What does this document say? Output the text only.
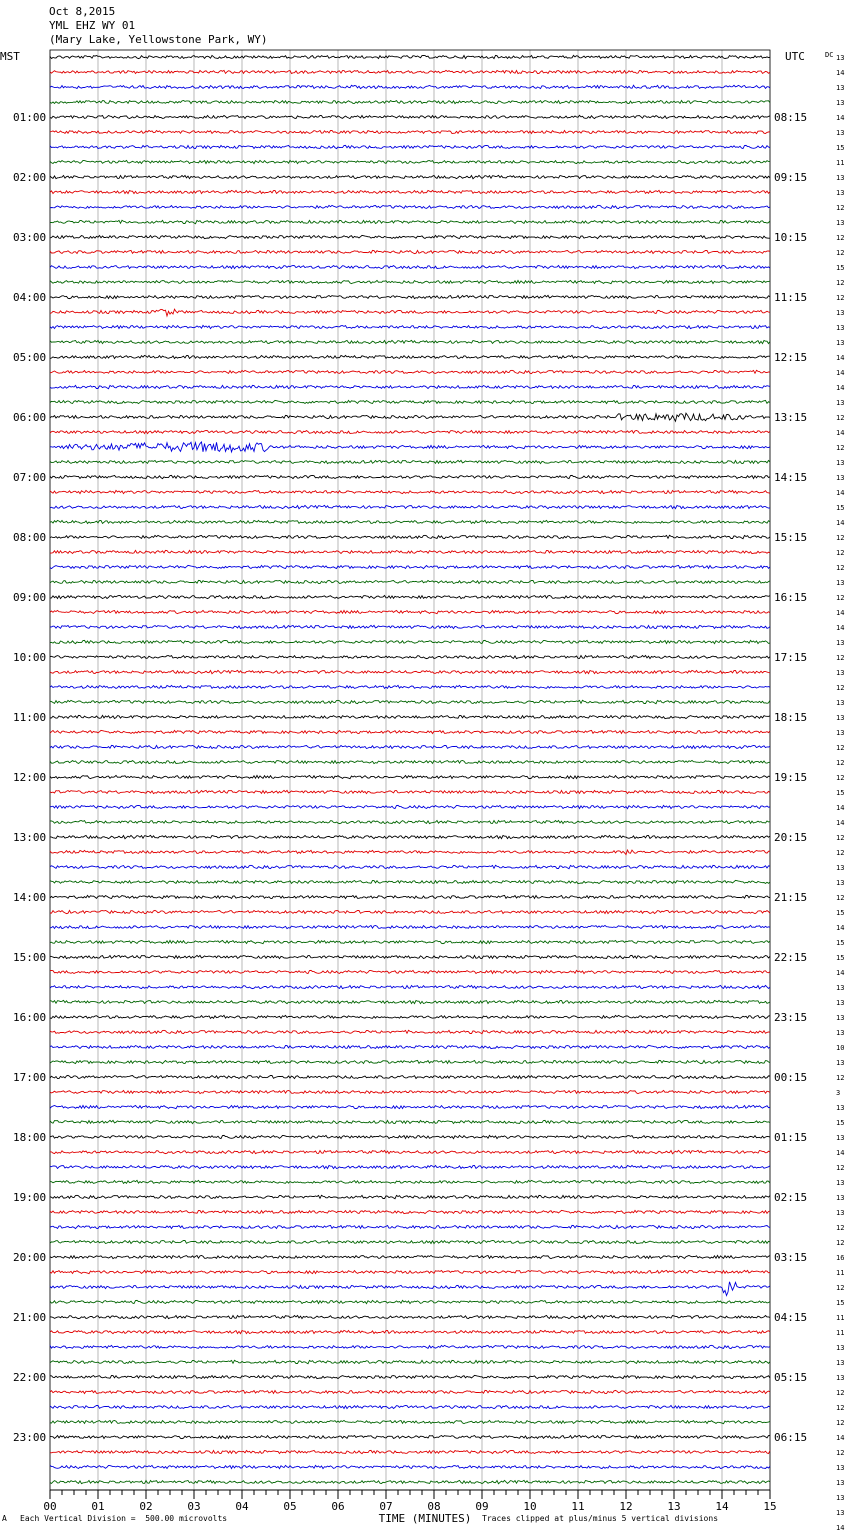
Oct 8,2015
YML EHZ WY 01
(Mary Lake, Yellowstone Park, WY)
01:00
02:00
03:00
04:00
05:00
06:00
07:00
08:00
09:00
10:00
11:00
12:00
13:00
14:00
15:00
16:00
17:00
18:00
19:00
20:00
21:00
22:00
23:00
08:15
09:15
10:15
11:15
12:15
13:15
14:15
15:15
16:15
17:15
18:15
19:15
20:15
21:15
22:15
23:15
00:15
01:15
02:15
03:15
04:15
05:15
06:15
13
14
13
13
14
13
15
11
13
13
12
13
12
12
15
12
12
13
13
13
14
14
14
13
12
14
12
13
13
14
15
14
12
12
12
13
12
14
14
13
12
13
12
13
13
13
12
12
12
15
14
14
12
12
13
13
12
15
14
15
15
14
13
13
13
13
10
13
12
3
13
15
13
14
12
13
13
13
12
12
16
11
12
15
11
11
13
13
13
12
12
12
14
12
13
13
13
13
14
00	01	02	03	04	05	06	07	08	09	10	11	12	13	14	15
MST	UTC	DC
TIME (MINUTES)
A Each Vertical Division =  500.00 microvolts	Traces clipped at plus/minus 5 vertical divisions
